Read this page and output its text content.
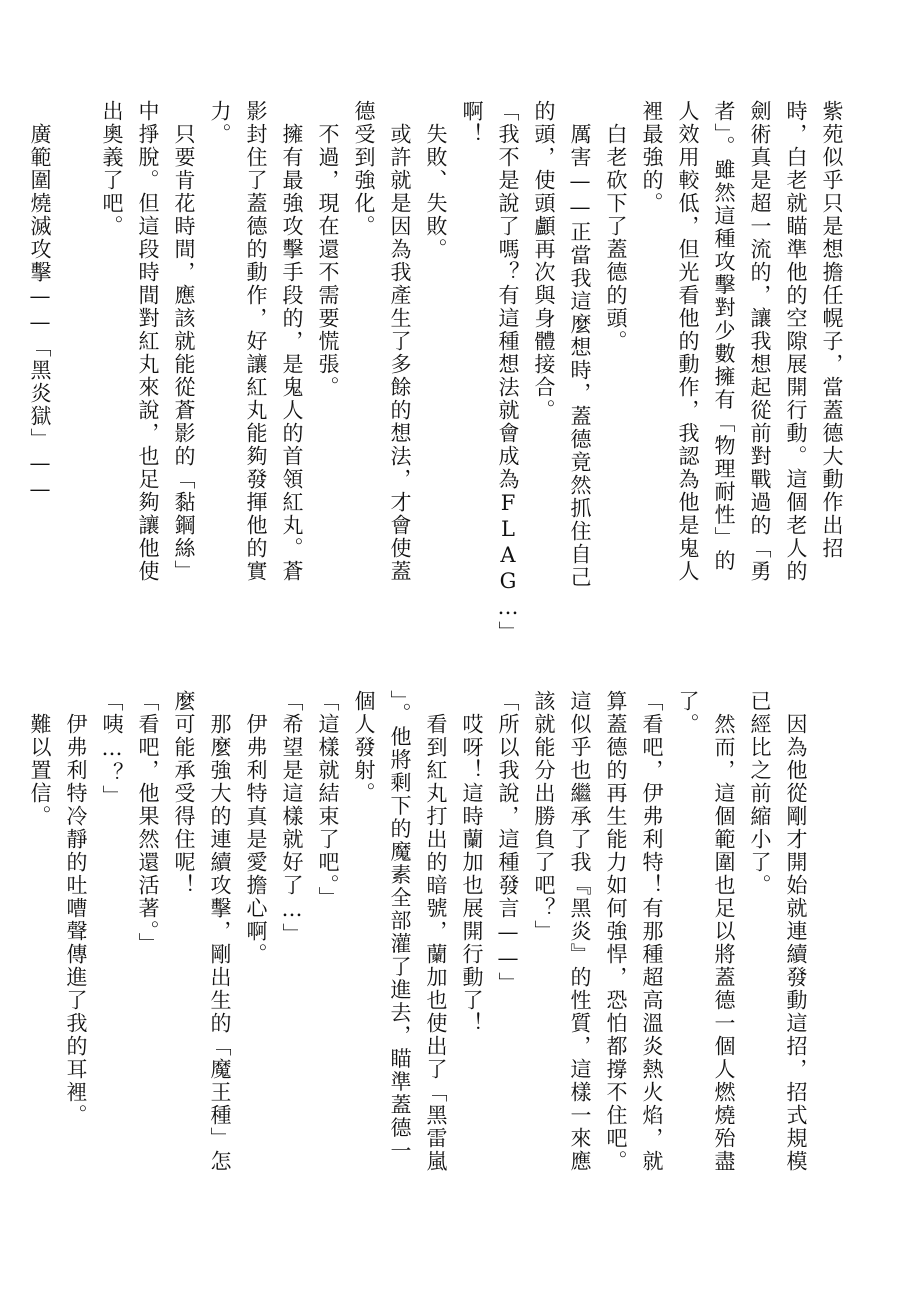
紫苑似乎只是想擔任幌子，當蓋德大動作出招
時，白老就瞄準他的空隙展開行動。這個老人的
劍術真是超一流的，讓我想起從前對戰過的「勇
者」。雖然這種攻擊對少數擁有「物理耐性」的
人效用較低，但光看他的動作，我認為他是鬼人
裡最強的。
　白老砍下了蓋德的頭。
　厲害——正當我這麼想時，蓋德竟然抓住自己
的頭，使頭顱再次與身體接合。
「我不是說了嗎？有這種想法就會成為FLAG…」
啊！
　失敗、失敗。
　或許就是因為我產生了多餘的想法，才會使蓋
德受到強化。
　不過，現在還不需要慌張。
　擁有最強攻擊手段的，是鬼人的首領紅丸。蒼
影封住了蓋德的動作，好讓紅丸能夠發揮他的實
力。
　只要肯花時間，應該就能從蒼影的「黏鋼絲」
中掙脫。但這段時間對紅丸來說，也足夠讓他使
出奧義了吧。
　廣範圍燒滅攻擊——「黑炎獄」——
　因為他從剛才開始就連續發動這招，招式規模
已經比之前縮小了。
　然而，這個範圍也足以將蓋德一個人燃燒殆盡
了。
「看吧，伊弗利特！有那種超高溫炎熱火焰，就
算蓋德的再生能力如何強悍，恐怕都撐不住吧。
這似乎也繼承了我『黑炎』的性質，這樣一來應
該就能分出勝負了吧？」
「所以我說，這種發言——」
　哎呀！這時蘭加也展開行動了！
　看到紅丸打出的暗號，蘭加也使出了「黑雷嵐
」。他將剩下的魔素全部灌了進去，瞄準蓋德一
個人發射。
「這樣就結束了吧。」
「希望是這樣就好了…」
　伊弗利特真是愛擔心啊。
　那麼強大的連續攻擊，剛出生的「魔王種」怎
麼可能承受得住呢！
「看吧，他果然還活著。」
「咦…？」
　伊弗利特冷靜的吐嘈聲傳進了我的耳裡。
　難以置信。
